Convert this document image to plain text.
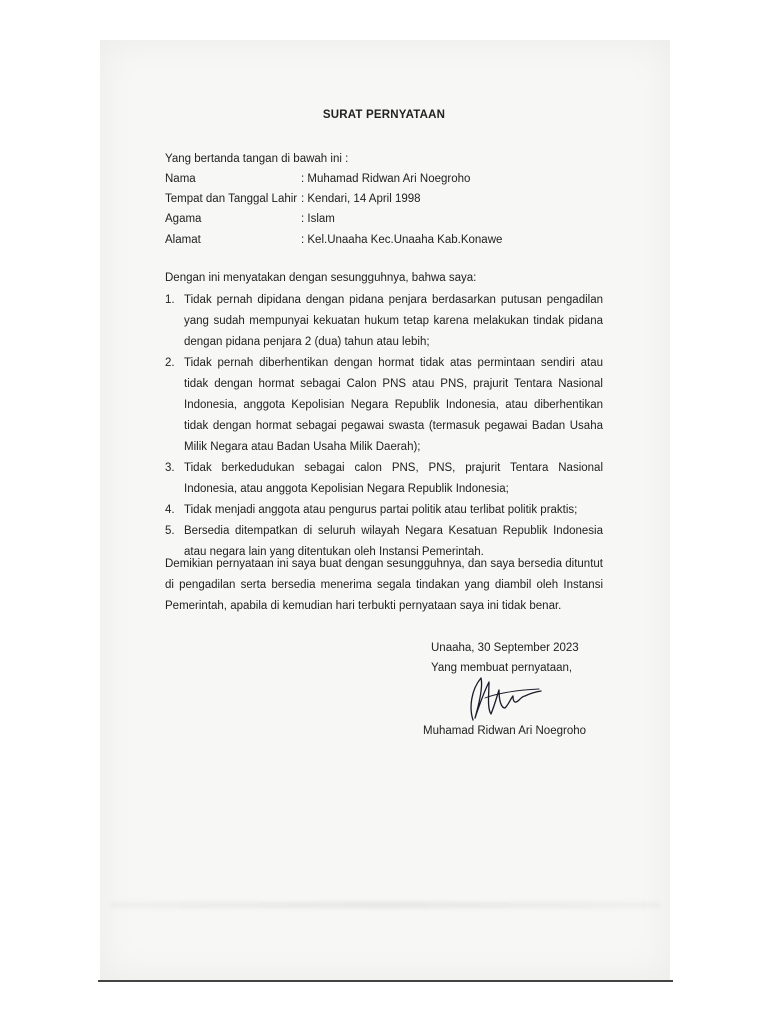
SURAT PERNYATAAN
Yang bertanda tangan di bawah ini :
Nama	: Muhamad Ridwan Ari Noegroho
Tempat dan Tanggal Lahir : Kendari, 14 April 1998
Agama	: Islam
Alamat	: Kel.Unaaha Kec.Unaaha Kab.Konawe
Dengan ini menyatakan dengan sesungguhnya, bahwa saya:
1. Tidak pernah dipidana dengan pidana penjara berdasarkan putusan pengadilan yang sudah mempunyai kekuatan hukum tetap karena melakukan tindak pidana dengan pidana penjara 2 (dua) tahun atau lebih;
2. Tidak pernah diberhentikan dengan hormat tidak atas permintaan sendiri atau tidak dengan hormat sebagai Calon PNS atau PNS, prajurit Tentara Nasional Indonesia, anggota Kepolisian Negara Republik Indonesia, atau diberhentikan tidak dengan hormat sebagai pegawai swasta (termasuk pegawai Badan Usaha Milik Negara atau Badan Usaha Milik Daerah);
3. Tidak berkedudukan sebagai calon PNS, PNS, prajurit Tentara Nasional Indonesia, atau anggota Kepolisian Negara Republik Indonesia;
4. Tidak menjadi anggota atau pengurus partai politik atau terlibat politik praktis;
5. Bersedia ditempatkan di seluruh wilayah Negara Kesatuan Republik Indonesia atau negara lain yang ditentukan oleh Instansi Pemerintah.
Demikian pernyataan ini saya buat dengan sesungguhnya, dan saya bersedia dituntut di pengadilan serta bersedia menerima segala tindakan yang diambil oleh Instansi Pemerintah, apabila di kemudian hari terbukti pernyataan saya ini tidak benar.
Unaaha, 30 September 2023
Yang membuat pernyataan,
Muhamad Ridwan Ari Noegroho
